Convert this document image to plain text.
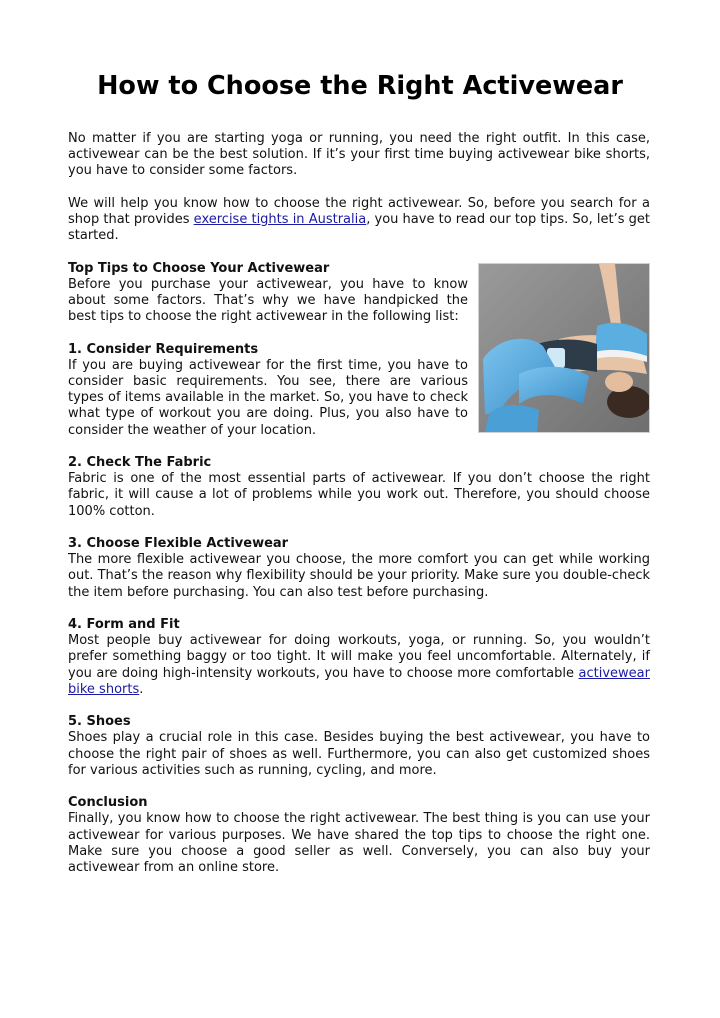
How to Choose the Right Activewear

No matter if you are starting yoga or running, you need the right outfit. In this case, activewear can be the best solution. If it’s your first time buying activewear bike shorts, you have to consider some factors.

We will help you know how to choose the right activewear. So, before you search for a shop that provides exercise tights in Australia, you have to read our top tips. So, let’s get started.

Top Tips to Choose Your Activewear
Before you purchase your activewear, you have to know about some factors. That’s why we have handpicked the best tips to choose the right activewear in the following list:

1. Consider Requirements
If you are buying activewear for the first time, you have to consider basic requirements. You see, there are various types of items available in the market. So, you have to check what type of workout you are doing. Plus, you also have to consider the weather of your location.

2. Check The Fabric
Fabric is one of the most essential parts of activewear. If you don’t choose the right fabric, it will cause a lot of problems while you work out. Therefore, you should choose 100% cotton.

3. Choose Flexible Activewear
The more flexible activewear you choose, the more comfort you can get while working out. That’s the reason why flexibility should be your priority. Make sure you double-check the item before purchasing. You can also test before purchasing.

4. Form and Fit
Most people buy activewear for doing workouts, yoga, or running. So, you wouldn’t prefer something baggy or too tight. It will make you feel uncomfortable. Alternately, if you are doing high-intensity workouts, you have to choose more comfortable activewear bike shorts.

5. Shoes
Shoes play a crucial role in this case. Besides buying the best activewear, you have to choose the right pair of shoes as well. Furthermore, you can also get customized shoes for various activities such as running, cycling, and more.

Conclusion
Finally, you know how to choose the right activewear. The best thing is you can use your activewear for various purposes. We have shared the top tips to choose the right one. Make sure you choose a good seller as well. Conversely, you can also buy your activewear from an online store.
